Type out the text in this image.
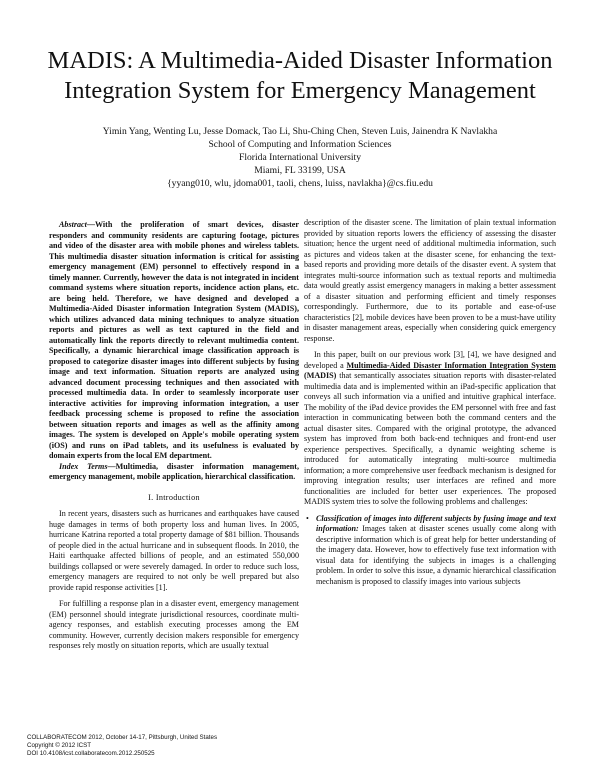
MADIS: A Multimedia-Aided Disaster Information
Integration System for Emergency Management
Yimin Yang, Wenting Lu, Jesse Domack, Tao Li, Shu-Ching Chen, Steven Luis, Jainendra K Navlakha
School of Computing and Information Sciences
Florida International University
Miami, FL 33199, USA
{yyang010, wlu, jdoma001, taoli, chens, luiss, navlakha}@cs.fiu.edu

Abstract—With the proliferation of smart devices, disaster responders and community residents are capturing footage, pictures and video of the disaster area with mobile phones and wireless tablets. This multimedia disaster situation information is critical for assisting emergency management (EM) personnel to effectively respond in a timely manner. Currently, however the data is not integrated in incident command systems where situation reports, incidence action plans, etc. are being held. Therefore, we have designed and developed a Multimedia-Aided Disaster information Integration System (MADIS), which utilizes advanced data mining techniques to analyze situation reports and pictures as well as text captured in the field and automatically link the reports directly to relevant multimedia content. Specifically, a dynamic hierarchical image classification approach is proposed to categorize disaster images into different subjects by fusing image and text information. Situation reports are analyzed using advanced document processing techniques and then associated with processed multimedia data. In order to seamlessly incorporate user interactive activities for improving information integration, a user feedback processing scheme is proposed to refine the association between situation reports and images as well as the affinity among images. The system is developed on Apple's mobile operating system (iOS) and runs on iPad tablets, and its usefulness is evaluated by domain experts from the local EM department.

Index Terms—Multimedia, disaster information management, emergency management, mobile application, hierarchical classification.

I. Introduction

In recent years, disasters such as hurricanes and earthquakes have caused huge damages in terms of both property loss and human lives. In 2005, hurricane Katrina reported a total property damage of $81 billion. Thousands of people died in the actual hurricane and in subsequent floods. In 2010, the Haiti earthquake affected billions of people, and an estimated 550,000 buildings collapsed or were severely damaged. In order to reduce such loss, emergency managers are required to not only be well prepared but also provide rapid response activities [1].

For fulfilling a response plan in a disaster event, emergency management (EM) personnel should integrate jurisdictional resources, coordinate multi-agency responses, and establish executing processes among the EM community. However, currently decision makers responsible for emergency responses rely mostly on situation reports, which are usually textual

description of the disaster scene. The limitation of plain textual information provided by situation reports lowers the efficiency of assessing the disaster situation; hence the urgent need of additional multimedia information, such as pictures and videos taken at the disaster scene, for enhancing the text-based reports and providing more details of the disaster event. A system that integrates multi-source information such as textual reports and multimedia data would greatly assist emergency managers in making a better assessment of a disaster situation and performing efficient and timely responses correspondingly. Furthermore, due to its portable and ease-of-use characteristics [2], mobile devices have been proven to be a must-have utility in disaster management areas, especially when considering quick emergency response.

In this paper, built on our previous work [3], [4], we have designed and developed a Multimedia-Aided Disaster Information Integration System (MADIS) that semantically associates situation reports with disaster-related multimedia data and is implemented within an iPad-specific application that conveys all such information via a unified and intuitive graphical interface. The mobility of the iPad device provides the EM personnel with free and fast interaction in communicating between both the command centers and the actual disaster sites. Compared with the original prototype, the advanced system has improved from both back-end techniques and front-end user experience perspectives. Specifically, a dynamic weighting scheme is introduced for automatically integrating multi-source multimedia information; a more comprehensive user feedback mechanism is designed for improving integration results; user interfaces are refined and more functionalities are included for better user experiences. The proposed MADIS system tries to solve the following problems and challenges:

• Classification of images into different subjects by fusing image and text information: Images taken at disaster scenes usually come along with descriptive information which is of great help for better understanding of the imagery data. However, how to effectively fuse text information with visual data for identifying the subjects in images is a challenging problem. In order to solve this issue, a dynamic hierarchical classification mechanism is proposed to classify images into various subjects
COLLABORATECOM 2012, October 14-17, Pittsburgh, United States
Copyright © 2012 ICST
DOI 10.4108/icst.collaboratecom.2012.250525
